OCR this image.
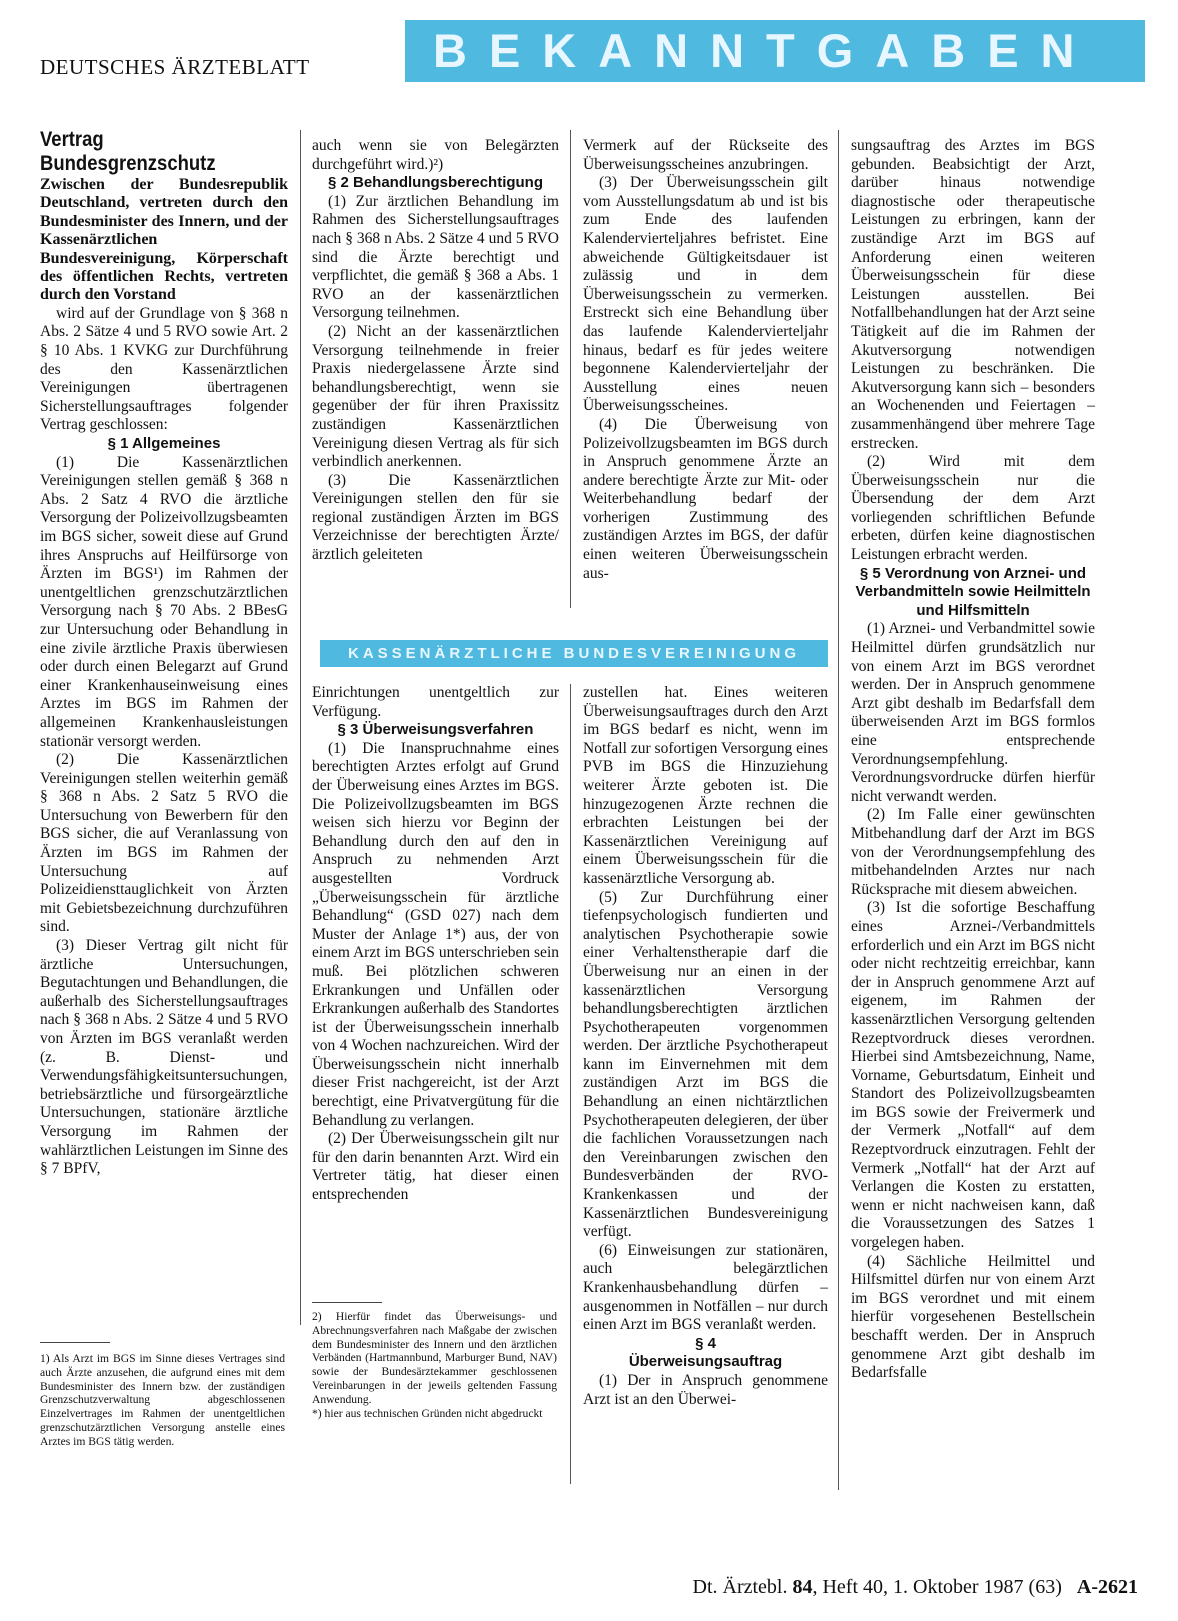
DEUTSCHES ÄRZTEBLATT	BEKANNTGABEN

Vertrag
Bundesgrenzschutz

Zwischen der Bundesrepublik Deutschland, vertreten durch den Bundesminister des Innern, und der Kassenärztlichen Bundesvereinigung, Körperschaft des öffentlichen Rechts, vertreten durch den Vorstand

wird auf der Grundlage von § 368 n Abs. 2 Sätze 4 und 5 RVO sowie Art. 2 § 10 Abs. 1 KVKG zur Durchführung des den Kassenärztlichen Vereinigungen übertragenen Sicherstellungsauftrages folgender Vertrag geschlossen:

§ 1 Allgemeines

(1) Die Kassenärztlichen Vereinigungen stellen gemäß § 368 n Abs. 2 Satz 4 RVO die ärztliche Versorgung der Polizeivollzugsbeamten im BGS sicher, soweit diese auf Grund ihres Anspruchs auf Heilfürsorge von Ärzten im BGS¹) im Rahmen der unentgeltlichen grenzschutzärztlichen Versorgung nach § 70 Abs. 2 BBesG zur Untersuchung oder Behandlung in eine zivile ärztliche Praxis überwiesen oder durch einen Belegarzt auf Grund einer Krankenhauseinweisung eines Arztes im BGS im Rahmen der allgemeinen Krankenhausleistungen stationär versorgt werden.

(2) Die Kassenärztlichen Vereinigungen stellen weiterhin gemäß § 368 n Abs. 2 Satz 5 RVO die Untersuchung von Bewerbern für den BGS sicher, die auf Veranlassung von Ärzten im BGS im Rahmen der Untersuchung auf Polizeidiensttauglichkeit von Ärzten mit Gebietsbezeichnung durchzuführen sind.

(3) Dieser Vertrag gilt nicht für ärztliche Untersuchungen, Begutachtungen und Behandlungen, die außerhalb des Sicherstellungsauftrages nach § 368 n Abs. 2 Sätze 4 und 5 RVO von Ärzten im BGS veranlaßt werden (z. B. Dienst- und Verwendungsfähigkeitsuntersuchungen, betriebsärztliche und fürsorgeärztliche Untersuchungen, stationäre ärztliche Versorgung im Rahmen der wahlärztlichen Leistungen im Sinne des § 7 BPfV,

auch wenn sie von Belegärzten durchgeführt wird.)²)

§ 2 Behandlungsberechtigung

(1) Zur ärztlichen Behandlung im Rahmen des Sicherstellungsauftrages nach § 368 n Abs. 2 Sätze 4 und 5 RVO sind die Ärzte berechtigt und verpflichtet, die gemäß § 368 a Abs. 1 RVO an der kassenärztlichen Versorgung teilnehmen.

(2) Nicht an der kassenärztlichen Versorgung teilnehmende in freier Praxis niedergelassene Ärzte sind behandlungsberechtigt, wenn sie gegenüber der für ihren Praxissitz zuständigen Kassenärztlichen Vereinigung diesen Vertrag als für sich verbindlich anerkennen.

(3) Die Kassenärztlichen Vereinigungen stellen den für sie regional zuständigen Ärzten im BGS Verzeichnisse der berechtigten Ärzte/ärztlich geleiteten

Vermerk auf der Rückseite des Überweisungsscheines anzubringen.

(3) Der Überweisungsschein gilt vom Ausstellungsdatum ab und ist bis zum Ende des laufenden Kalendervierteljahres befristet. Eine abweichende Gültigkeitsdauer ist zulässig und in dem Überweisungsschein zu vermerken. Erstreckt sich eine Behandlung über das laufende Kalendervierteljahr hinaus, bedarf es für jedes weitere begonnene Kalendervierteljahr der Ausstellung eines neuen Überweisungsscheines.

(4) Die Überweisung von Polizeivollzugsbeamten im BGS durch in Anspruch genommene Ärzte an andere berechtigte Ärzte zur Mit- oder Weiterbehandlung bedarf der vorherigen Zustimmung des zuständigen Arztes im BGS, der dafür einen weiteren Überweisungsschein aus-

KASSENÄRZTLICHE BUNDESVEREINIGUNG

Einrichtungen unentgeltlich zur Verfügung.

§ 3 Überweisungsverfahren

(1) Die Inanspruchnahme eines berechtigten Arztes erfolgt auf Grund der Überweisung eines Arztes im BGS. Die Polizeivollzugsbeamten im BGS weisen sich hierzu vor Beginn der Behandlung durch den auf den in Anspruch zu nehmenden Arzt ausgestellten Vordruck „Überweisungsschein für ärztliche Behandlung“ (GSD 027) nach dem Muster der Anlage 1*) aus, der von einem Arzt im BGS unterschrieben sein muß. Bei plötzlichen schweren Erkrankungen und Unfällen oder Erkrankungen außerhalb des Standortes ist der Überweisungsschein innerhalb von 4 Wochen nachzureichen. Wird der Überweisungsschein nicht innerhalb dieser Frist nachgereicht, ist der Arzt berechtigt, eine Privatvergütung für die Behandlung zu verlangen.

(2) Der Überweisungsschein gilt nur für den darin benannten Arzt. Wird ein Vertreter tätig, hat dieser einen entsprechenden

zustellen hat. Eines weiteren Überweisungsauftrages durch den Arzt im BGS bedarf es nicht, wenn im Notfall zur sofortigen Versorgung eines PVB im BGS die Hinzuziehung weiterer Ärzte geboten ist. Die hinzugezogenen Ärzte rechnen die erbrachten Leistungen bei der Kassenärztlichen Vereinigung auf einem Überweisungsschein für die kassenärztliche Versorgung ab.

(5) Zur Durchführung einer tiefenpsychologisch fundierten und analytischen Psychotherapie sowie einer Verhaltenstherapie darf die Überweisung nur an einen in der kassenärztlichen Versorgung behandlungsberechtigten ärztlichen Psychotherapeuten vorgenommen werden. Der ärztliche Psychotherapeut kann im Einvernehmen mit dem zuständigen Arzt im BGS die Behandlung an einen nichtärztlichen Psychotherapeuten delegieren, der über die fachlichen Voraussetzungen nach den Vereinbarungen zwischen den Bundesverbänden der RVO-Krankenkassen und der Kassenärztlichen Bundesvereinigung verfügt.

(6) Einweisungen zur stationären, auch belegärztlichen Krankenhausbehandlung dürfen – ausgenommen in Notfällen – nur durch einen Arzt im BGS veranlaßt werden.

§ 4
Überweisungsauftrag

(1) Der in Anspruch genommene Arzt ist an den Überwei-

sungsauftrag des Arztes im BGS gebunden. Beabsichtigt der Arzt, darüber hinaus notwendige diagnostische oder therapeutische Leistungen zu erbringen, kann der zuständige Arzt im BGS auf Anforderung einen weiteren Überweisungsschein für diese Leistungen ausstellen. Bei Notfallbehandlungen hat der Arzt seine Tätigkeit auf die im Rahmen der Akutversorgung notwendigen Leistungen zu beschränken. Die Akutversorgung kann sich – besonders an Wochenenden und Feiertagen – zusammenhängend über mehrere Tage erstrecken.

(2) Wird mit dem Überweisungsschein nur die Übersendung der dem Arzt vorliegenden schriftlichen Befunde erbeten, dürfen keine diagnostischen Leistungen erbracht werden.

§ 5 Verordnung von Arznei- und Verbandmitteln sowie Heilmitteln und Hilfsmitteln

(1) Arznei- und Verbandmittel sowie Heilmittel dürfen grundsätzlich nur von einem Arzt im BGS verordnet werden. Der in Anspruch genommene Arzt gibt deshalb im Bedarfsfall dem überweisenden Arzt im BGS formlos eine entsprechende Verordnungsempfehlung. Verordnungsvordrucke dürfen hierfür nicht verwandt werden.

(2) Im Falle einer gewünschten Mitbehandlung darf der Arzt im BGS von der Verordnungsempfehlung des mitbehandelnden Arztes nur nach Rücksprache mit diesem abweichen.

(3) Ist die sofortige Beschaffung eines Arznei-/Verbandmittels erforderlich und ein Arzt im BGS nicht oder nicht rechtzeitig erreichbar, kann der in Anspruch genommene Arzt auf eigenem, im Rahmen der kassenärztlichen Versorgung geltenden Rezeptvordruck dieses verordnen. Hierbei sind Amtsbezeichnung, Name, Vorname, Geburtsdatum, Einheit und Standort des Polizeivollzugsbeamten im BGS sowie der Freivermerk und der Vermerk „Notfall“ auf dem Rezeptvordruck einzutragen. Fehlt der Vermerk „Notfall“ hat der Arzt auf Verlangen die Kosten zu erstatten, wenn er nicht nachweisen kann, daß die Voraussetzungen des Satzes 1 vorgelegen haben.

(4) Sächliche Heilmittel und Hilfsmittel dürfen nur von einem Arzt im BGS verordnet und mit einem hierfür vorgesehenen Bestellschein beschafft werden. Der in Anspruch genommene Arzt gibt deshalb im Bedarfsfalle

1) Als Arzt im BGS im Sinne dieses Vertrages sind auch Ärzte anzusehen, die aufgrund eines mit dem Bundesminister des Innern bzw. der zuständigen Grenzschutzverwaltung abgeschlossenen Einzelvertrages im Rahmen der unentgeltlichen grenzschutzärztlichen Versorgung anstelle eines Arztes im BGS tätig werden.
2) Hierfür findet das Überweisungs- und Abrechnungsverfahren nach Maßgabe der zwischen dem Bundesminister des Innern und den ärztlichen Verbänden (Hartmannbund, Marburger Bund, NAV) sowie der Bundesärztekammer geschlossenen Vereinbarungen in der jeweils geltenden Fassung Anwendung.
*) hier aus technischen Gründen nicht abgedruckt
Dt. Ärztebl. 84, Heft 40, 1. Oktober 1987 (63) A-2621
